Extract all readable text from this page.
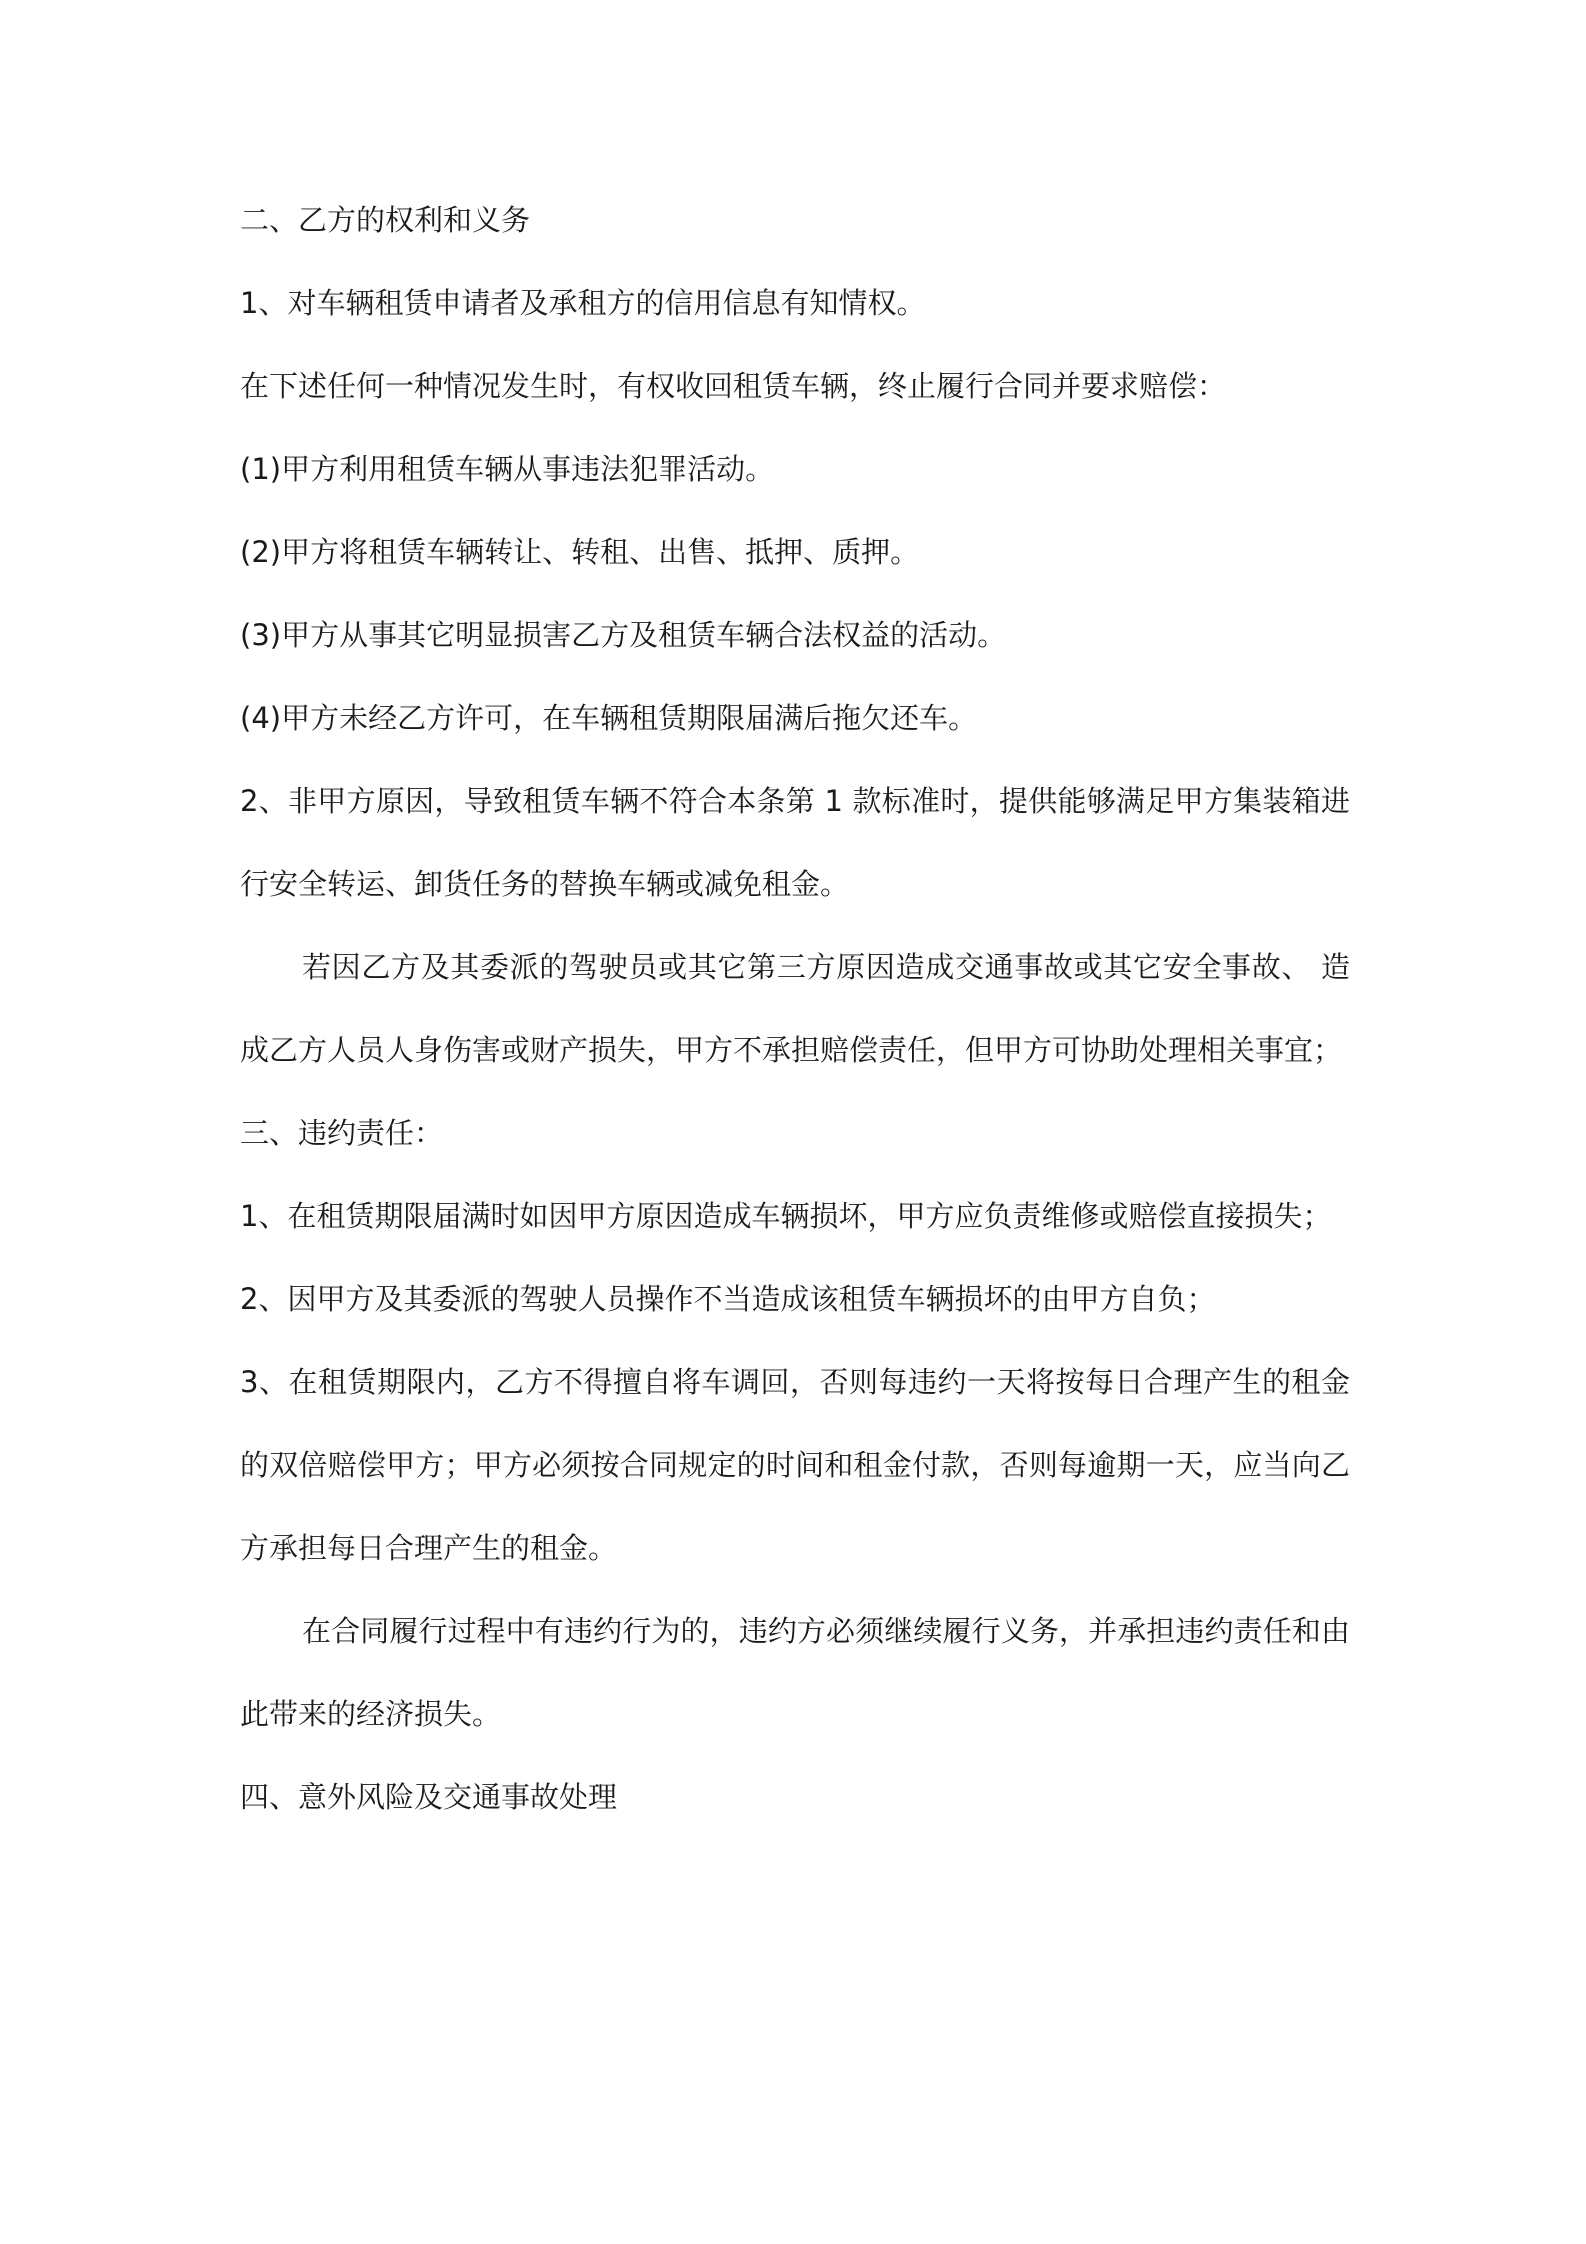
二、乙方的权利和义务

1、对车辆租赁申请者及承租方的信用信息有知情权。

在下述任何一种情况发生时，有权收回租赁车辆，终止履行合同并要求赔偿：

(1)甲方利用租赁车辆从事违法犯罪活动。

(2)甲方将租赁车辆转让、转租、出售、抵押、质押。

(3)甲方从事其它明显损害乙方及租赁车辆合法权益的活动。

(4)甲方未经乙方许可，在车辆租赁期限届满后拖欠还车。

2、非甲方原因，导致租赁车辆不符合本条第 1 款标准时，提供能够满足甲方集装箱进行安全转运、卸货任务的替换车辆或减免租金。

若因乙方及其委派的驾驶员或其它第三方原因造成交通事故或其它安全事故、 造成乙方人员人身伤害或财产损失，甲方不承担赔偿责任，但甲方可协助处理相关事宜；

三、违约责任：

1、在租赁期限届满时如因甲方原因造成车辆损坏，甲方应负责维修或赔偿直接损失；

2、因甲方及其委派的驾驶人员操作不当造成该租赁车辆损坏的由甲方自负；

3、在租赁期限内，乙方不得擅自将车调回，否则每违约一天将按每日合理产生的租金的双倍赔偿甲方；甲方必须按合同规定的时间和租金付款，否则每逾期一天，应当向乙方承担每日合理产生的租金。

在合同履行过程中有违约行为的，违约方必须继续履行义务，并承担违约责任和由此带来的经济损失。

四、意外风险及交通事故处理
